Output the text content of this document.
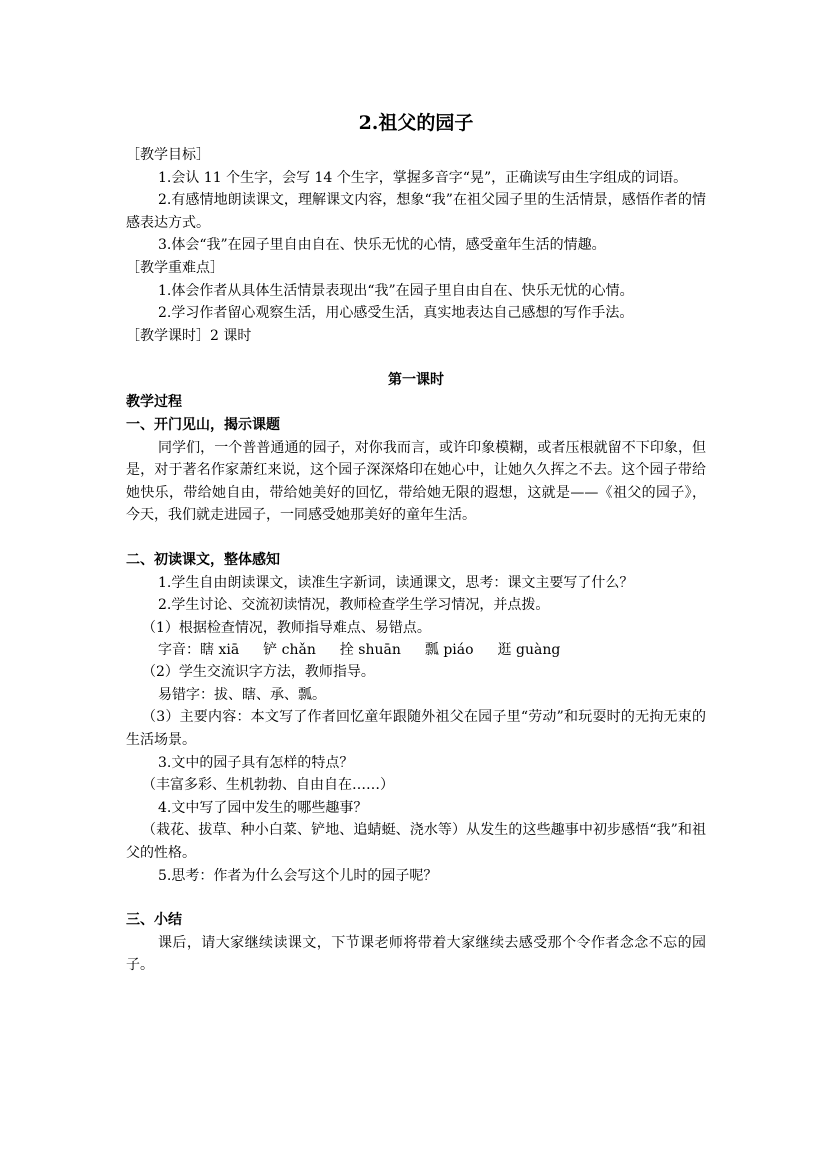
2.祖父的园子

［教学目标］

1.会认 11 个生字，会写 14 个生字，掌握多音字“晃”，正确读写由生字组成的词语。

2.有感情地朗读课文，理解课文内容，想象“我”在祖父园子里的生活情景，感悟作者的情感表达方式。

3.体会“我”在园子里自由自在、快乐无忧的心情，感受童年生活的情趣。

［教学重难点］

1.体会作者从具体生活情景表现出“我”在园子里自由自在、快乐无忧的心情。

2.学习作者留心观察生活，用心感受生活，真实地表达自己感想的写作手法。

［教学课时］2 课时

第一课时

教学过程

一、开门见山，揭示课题

同学们，一个普普通通的园子，对你我而言，或许印象模糊，或者压根就留不下印象，但是，对于著名作家萧红来说，这个园子深深烙印在她心中，让她久久挥之不去。这个园子带给她快乐，带给她自由，带给她美好的回忆，带给她无限的遐想，这就是——《祖父的园子》，今天，我们就走进园子，一同感受她那美好的童年生活。

二、初读课文，整体感知

1.学生自由朗读课文，读准生字新词，读通课文，思考：课文主要写了什么？

2.学生讨论、交流初读情况，教师检查学生学习情况，并点拨。

（1）根据检查情况，教师指导难点、易错点。

字音： 瞎 xiā 铲 chǎn 拴 shuān 瓢 piáo 逛 guàng

（2）学生交流识字方法，教师指导。

易错字：拔、瞎、承、瓢。

（3）主要内容：本文写了作者回忆童年跟随外祖父在园子里“劳动”和玩耍时的无拘无束的生活场景。

3.文中的园子具有怎样的特点？

（丰富多彩、生机勃勃、自由自在……）

4.文中写了园中发生的哪些趣事？

（栽花、拔草、种小白菜、铲地、追蜻蜓、浇水等）从发生的这些趣事中初步感悟“我”和祖父的性格。

5.思考：作者为什么会写这个儿时的园子呢？

三、小结

课后，请大家继续读课文，下节课老师将带着大家继续去感受那个令作者念念不忘的园子。
